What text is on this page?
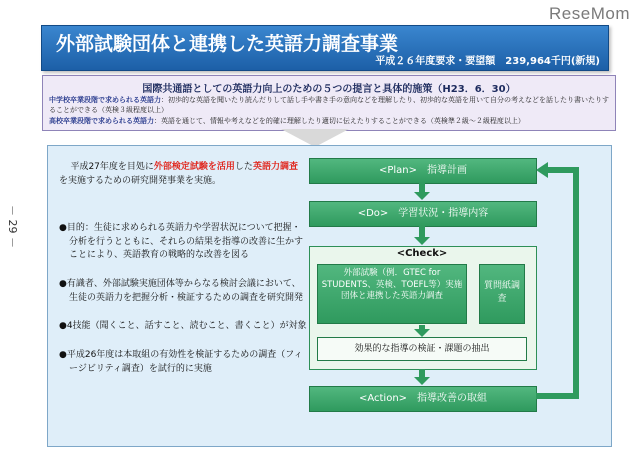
ReseMom
－ 29 －
外部試験団体と連携した英語力調査事業
平成２６年度要求・要望額　239,964千円(新規)
国際共通語としての英語力向上のための５つの提言と具体的施策（H23．6．30）
中学校卒業段階で求められる英語力：初歩的な英語を聞いたり読んだりして話し手や書き手の意向などを理解したり、初歩的な英語を用いて自分の考えなどを話したり書いたりすることができる（英検３級程度以上）
高校卒業段階で求められる英語力：英語を通じて、情報や考えなどを的確に理解したり適切に伝えたりすることができる（英検準２級～２級程度以上）
平成27年度を目処に外部検定試験を活用した英語力調査を実施するための研究開発事業を実施。
●目的：生徒に求められる英語力や学習状況について把握・分析を行うとともに、それらの結果を指導の改善に生かすことにより、英語教育の戦略的な改善を図る
●有識者、外部試験実施団体等からなる検討会議において、生徒の英語力を把握分析・検証するための調査を研究開発
●4技能（聞くこと、話すこと、読むこと、書くこと）が対象
●平成26年度は本取組の有効性を検証するための調査（フィージビリティ調査）を試行的に実施
<Plan>　指導計画
<Do>　学習状況・指導内容
<Check>
外部試験（例．GTEC for STUDENTS、英検、TOEFL等）実施団体と連携した英語力調査
質問紙調査
効果的な指導の検証・課題の抽出
<Action>　指導改善の取組
